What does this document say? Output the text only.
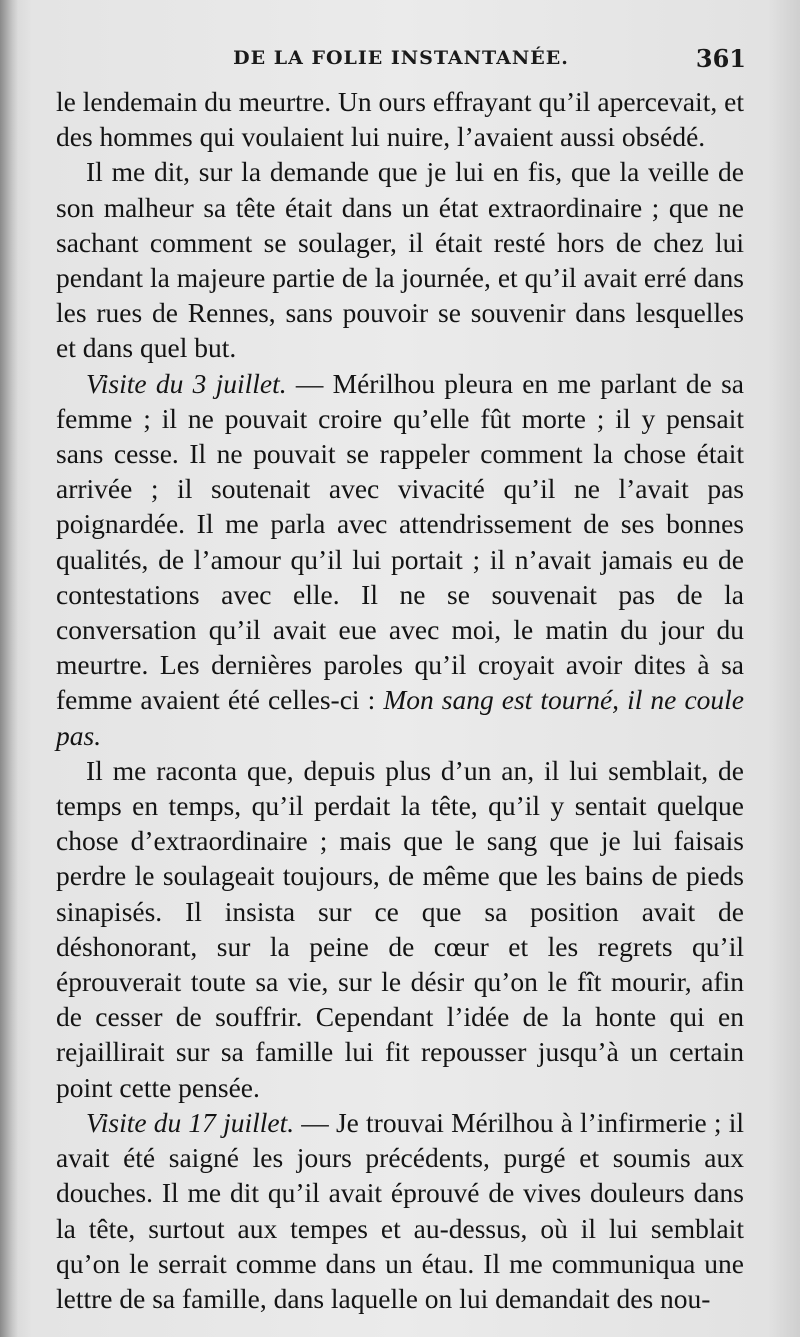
DE LA FOLIE INSTANTANÉE.	361

le lendemain du meurtre. Un ours effrayant qu’il apercevait, et des hommes qui voulaient lui nuire, l’avaient aussi obsédé.

Il me dit, sur la demande que je lui en fis, que la veille de son malheur sa tête était dans un état extraordinaire ; que ne sachant comment se soulager, il était resté hors de chez lui pendant la majeure partie de la journée, et qu’il avait erré dans les rues de Rennes, sans pouvoir se souvenir dans lesquelles et dans quel but.

Visite du 3 juillet. — Mérilhou pleura en me parlant de sa femme ; il ne pouvait croire qu’elle fût morte ; il y pensait sans cesse. Il ne pouvait se rappeler comment la chose était arrivée ; il soutenait avec vivacité qu’il ne l’avait pas poignardée. Il me parla avec attendrissement de ses bonnes qualités, de l’amour qu’il lui portait ; il n’avait jamais eu de contestations avec elle. Il ne se souvenait pas de la conversation qu’il avait eue avec moi, le matin du jour du meurtre. Les dernières paroles qu’il croyait avoir dites à sa femme avaient été celles-ci : Mon sang est tourné, il ne coule pas.

Il me raconta que, depuis plus d’un an, il lui semblait, de temps en temps, qu’il perdait la tête, qu’il y sentait quelque chose d’extraordinaire ; mais que le sang que je lui faisais perdre le soulageait toujours, de même que les bains de pieds sinapisés. Il insista sur ce que sa position avait de déshonorant, sur la peine de cœur et les regrets qu’il éprouverait toute sa vie, sur le désir qu’on le fît mourir, afin de cesser de souffrir. Cependant l’idée de la honte qui en rejaillirait sur sa famille lui fit repousser jusqu’à un certain point cette pensée.

Visite du 17 juillet. — Je trouvai Mérilhou à l’infirmerie ; il avait été saigné les jours précédents, purgé et soumis aux douches. Il me dit qu’il avait éprouvé de vives douleurs dans la tête, surtout aux tempes et au-dessus, où il lui semblait qu’on le serrait comme dans un étau. Il me communiqua une lettre de sa famille, dans laquelle on lui demandait des nou-
